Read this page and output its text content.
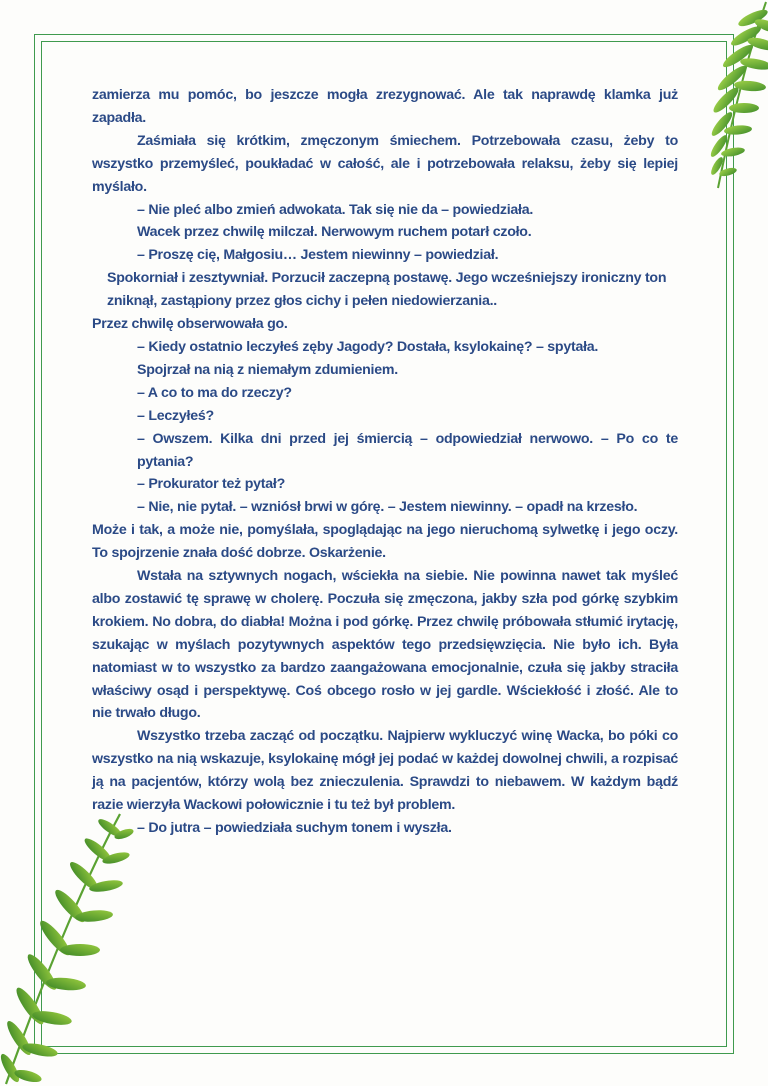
zamierza mu pomóc, bo jeszcze mogła zrezygnować. Ale tak naprawdę klamka już zapadła.

Zaśmiała się krótkim, zmęczonym śmiechem. Potrzebowała czasu, żeby to wszystko przemyśleć, poukładać w całość, ale i potrzebowała relaksu, żeby się lepiej myślało.

– Nie pleć albo zmień adwokata. Tak się nie da – powiedziała.

Wacek przez chwilę milczał. Nerwowym ruchem potarł czoło.

– Proszę cię, Małgosiu… Jestem niewinny – powiedział.

Spokorniał i zesztywniał. Porzucił zaczepną postawę. Jego wcześniejszy ironiczny ton zniknął, zastąpiony przez głos cichy i pełen niedowierzania..

Przez chwilę obserwowała go.

– Kiedy ostatnio leczyłeś zęby Jagody? Dostała, ksylokainę? – spytała.

Spojrzał na nią z niemałym zdumieniem.

– A co to ma do rzeczy?

– Leczyłeś?

– Owszem. Kilka dni przed jej śmiercią – odpowiedział nerwowo. – Po co te pytania?

– Prokurator też pytał?

– Nie, nie pytał. – wzniósł brwi w górę. – Jestem niewinny. – opadł na krzesło.

Może i tak, a może nie, pomyślała, spoglądając na jego nieruchomą sylwetkę i jego oczy. To spojrzenie znała dość dobrze. Oskarżenie.

Wstała na sztywnych nogach, wściekła na siebie. Nie powinna nawet tak myśleć albo zostawić tę sprawę w cholerę. Poczuła się zmęczona, jakby szła pod górkę szybkim krokiem. No dobra, do diabła! Można i pod górkę. Przez chwilę próbowała stłumić irytację, szukając w myślach pozytywnych aspektów tego przedsięwzięcia. Nie było ich. Była natomiast w to wszystko za bardzo zaangażowana emocjonalnie, czuła się jakby straciła właściwy osąd i perspektywę. Coś obcego rosło w jej gardle. Wściekłość i złość. Ale to nie trwało długo.

Wszystko trzeba zacząć od początku. Najpierw wykluczyć winę Wacka, bo póki co wszystko na nią wskazuje, ksylokainę mógł jej podać w każdej dowolnej chwili, a rozpisać ją na pacjentów, którzy wolą bez znieczulenia. Sprawdzi to niebawem. W każdym bądź razie wierzyła Wackowi połowicznie i tu też był problem.

– Do jutra – powiedziała suchym tonem i wyszła.
